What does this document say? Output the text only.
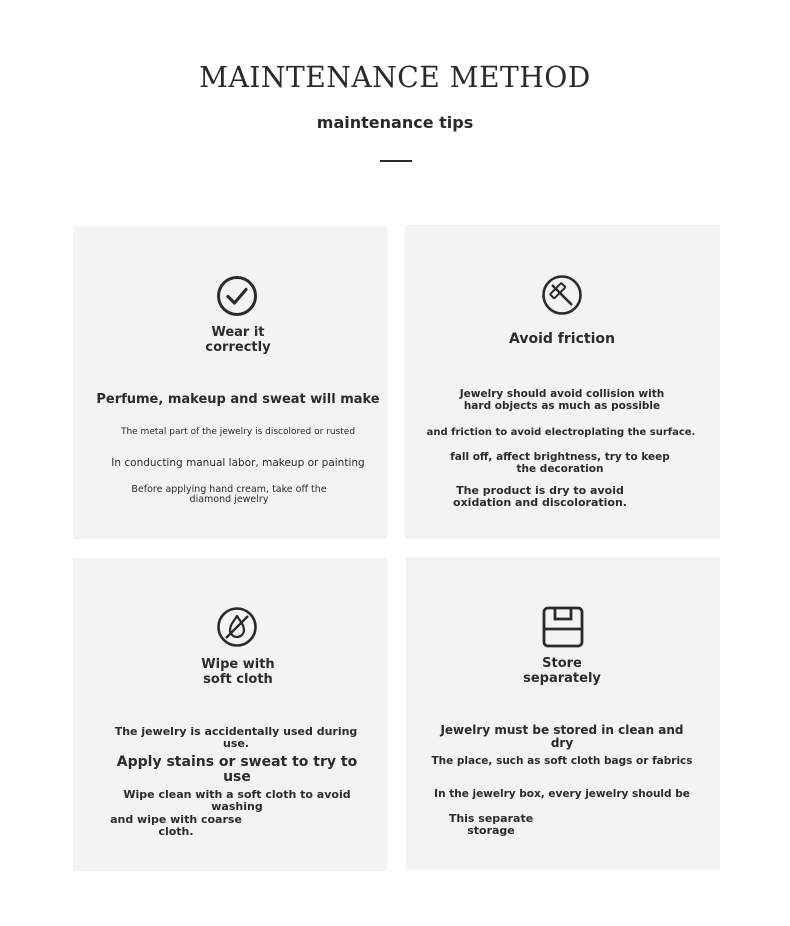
MAINTENANCE METHOD
maintenance tips
Wear it correctly
Perfume, makeup and sweat will make
The metal part of the jewelry is discolored or rusted
In conducting manual labor, makeup or painting
Before applying hand cream, take off the diamond jewelry
Avoid friction
Jewelry should avoid collision with hard objects as much as possible
and friction to avoid electroplating the surface.
fall off, affect brightness, try to keep the decoration
The product is dry to avoid oxidation and discoloration.
Wipe with soft cloth
The jewelry is accidentally used during use.
Apply stains or sweat to try to use
Wipe clean with a soft cloth to avoid washing
and wipe with coarse cloth.
Store separately
Jewelry must be stored in clean and dry
The place, such as soft cloth bags or fabrics
In the jewelry box, every jewelry should be
This separate storage
